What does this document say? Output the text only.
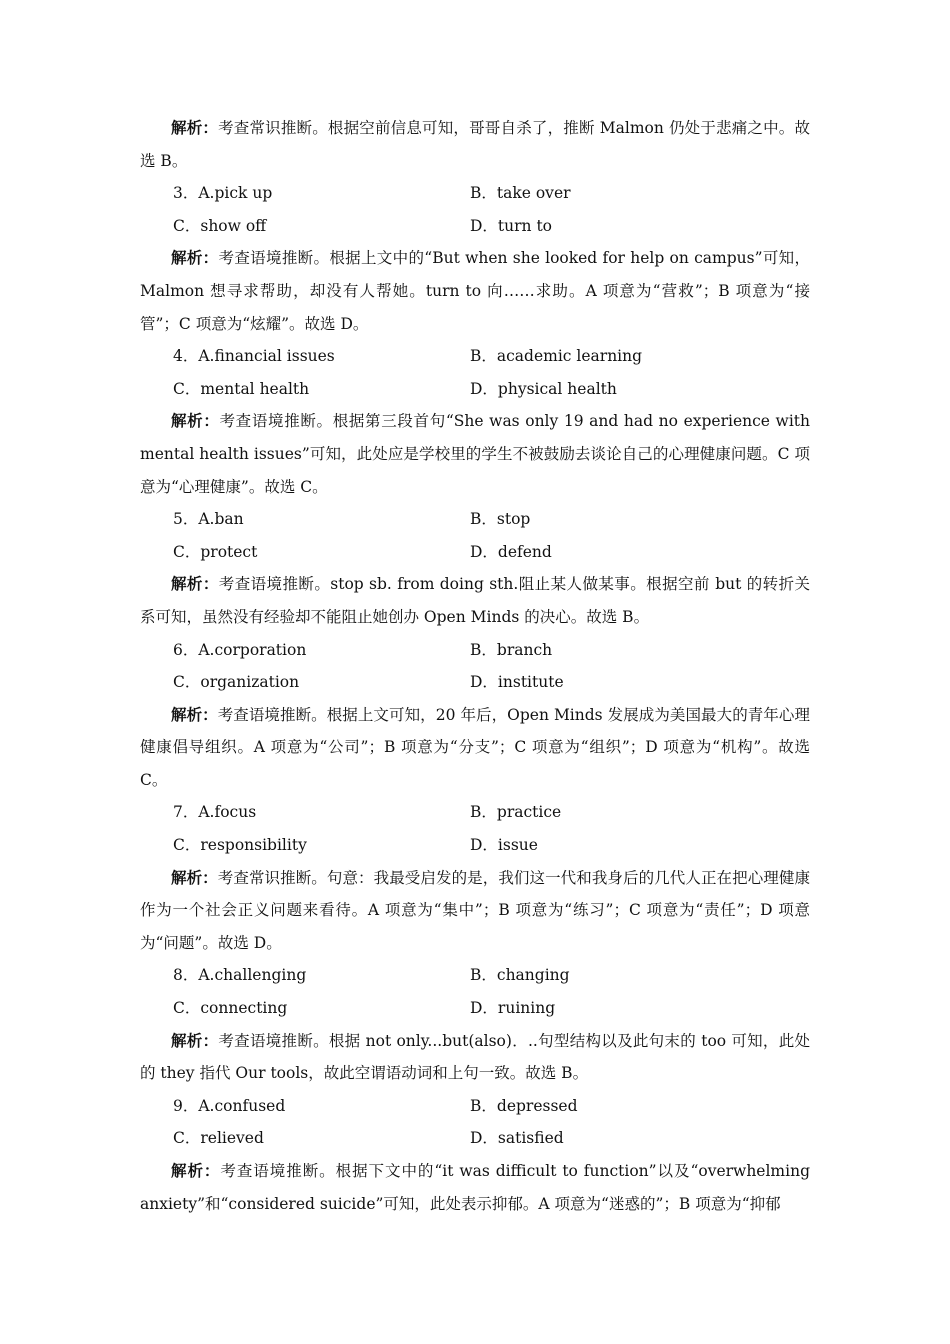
解析：考查常识推断。根据空前信息可知，哥哥自杀了，推断 Malmon 仍处于悲痛之中。故选 B。

3．A.pick up	B．take over
C．show off	D．turn to

解析：考查语境推断。根据上文中的“But when she looked for help on campus”可知，Malmon 想寻求帮助，却没有人帮她。turn to 向……求助。A 项意为“营救”；B 项意为“接管”；C 项意为“炫耀”。故选 D。

4．A.financial issues	B．academic learning
C．mental health	D．physical health

解析：考查语境推断。根据第三段首句“She was only 19 and had no experience with mental health issues”可知，此处应是学校里的学生不被鼓励去谈论自己的心理健康问题。C 项意为“心理健康”。故选 C。

5．A.ban	B．stop
C．protect	D．defend

解析：考查语境推断。stop sb. from doing sth.阻止某人做某事。根据空前 but 的转折关系可知，虽然没有经验却不能阻止她创办 Open Minds 的决心。故选 B。

6．A.corporation	B．branch
C．organization	D．institute

解析：考查语境推断。根据上文可知，20 年后，Open Minds 发展成为美国最大的青年心理健康倡导组织。A 项意为“公司”；B 项意为“分支”；C 项意为“组织”；D 项意为“机构”。故选 C。

7．A.focus	B．practice
C．responsibility	D．issue

解析：考查常识推断。句意：我最受启发的是，我们这一代和我身后的几代人正在把心理健康作为一个社会正义问题来看待。A 项意为“集中”；B 项意为“练习”；C 项意为“责任”；D 项意为“问题”。故选 D。

8．A.challenging	B．changing
C．connecting	D．ruining

解析：考查语境推断。根据 not only...but(also)．..句型结构以及此句末的 too 可知，此处的 they 指代 Our tools，故此空谓语动词和上句一致。故选 B。

9．A.confused	B．depressed
C．relieved	D．satisfied

解析：考查语境推断。根据下文中的“it was difficult to function”以及“overwhelming anxiety”和“considered suicide”可知，此处表示抑郁。A 项意为“迷惑的”；B 项意为“抑郁
